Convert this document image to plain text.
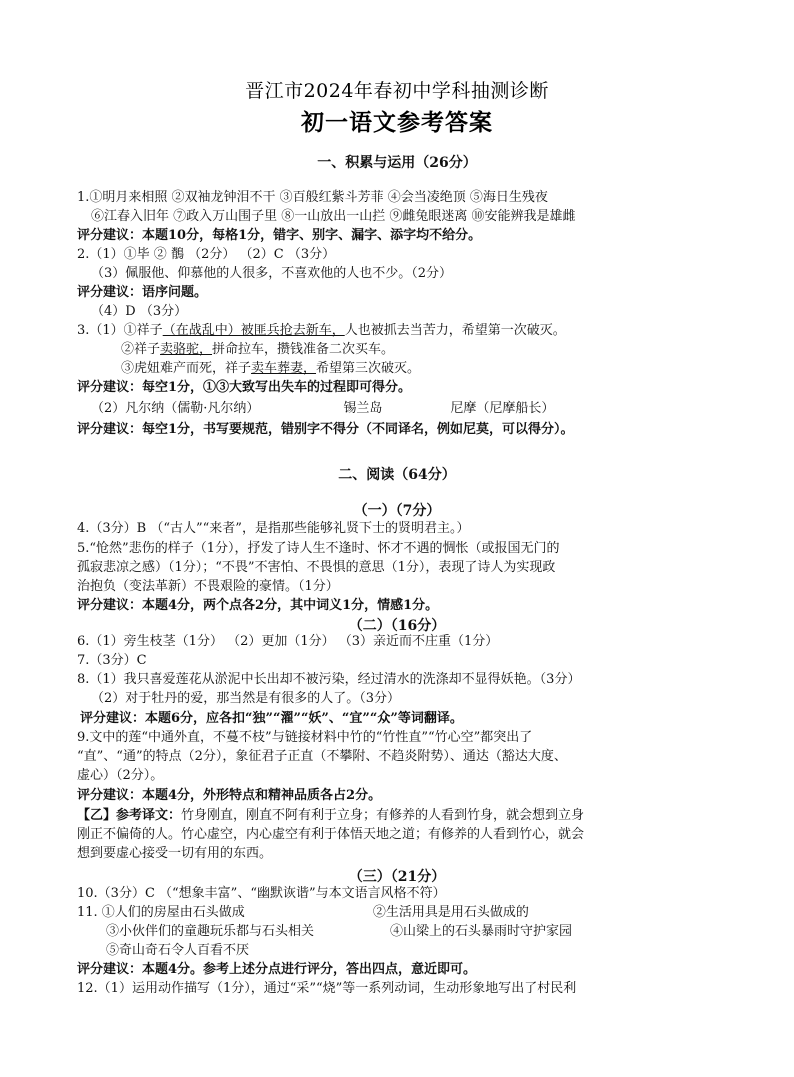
晋江市2024年春初中学科抽测诊断
初一语文参考答案
一、积累与运用（26分）
1.①明月来相照 ②双袖龙钟泪不干 ③百般红紫斗芳菲 ④会当凌绝顶 ⑤海日生残夜
⑥江春入旧年 ⑦政入万山围子里 ⑧一山放出一山拦 ⑨雌兔眼迷离 ⑩安能辨我是雄雌
评分建议：本题10分，每格1分，错字、别字、漏字、添字均不给分。
2.（1）①毕 ② 鶺 （2分） （2）C （3分）
（3）佩服他、仰慕他的人很多，不喜欢他的人也不少。（2分）
评分建议：语序问题。
（4）D （3分）
3.（1）①祥子（在战乱中）被匪兵抢去新车，人也被抓去当苦力，希望第一次破灭。
②祥子卖骆驼，拼命拉车，攒钱准备二次买车。
③虎妞难产而死，祥子卖车葬妻，希望第三次破灭。
评分建议：每空1分，①③大致写出失车的过程即可得分。
（2）凡尔纳（儒勒·凡尔纳）	锡兰岛	尼摩（尼摩船长）
评分建议：每空1分，书写要规范，错别字不得分（不同译名，例如尼莫，可以得分）。
二、阅读（64分）
（一）（7分）
4.（3分）B （“古人”“来者”，是指那些能够礼贤下士的贤明君主。）
5.“怆然”悲伤的样子（1分），抒发了诗人生不逢时、怀才不遇的惆怅（或报国无门的
孤寂悲凉之感）（1分）；“不畏”不害怕、不畏惧的意思（1分），表现了诗人为实现政
治抱负（变法革新）不畏艰险的豪情。（1分）
评分建议：本题4分，两个点各2分，其中词义1分，情感1分。
（二）（16分）
6.（1）旁生枝茎（1分） （2）更加（1分） （3）亲近而不庄重（1分）
7.（3分）C
8.（1）我只喜爱莲花从淤泥中长出却不被污染，经过清水的洗涤却不显得妖艳。（3分）
（2）对于牡丹的爱，那当然是有很多的人了。（3分）
评分建议：本题6分，应各扣“独”“濯”“妖”、“宜”“众”等词翻译。
9.文中的莲“中通外直，不蔓不枝”与链接材料中竹的“竹性直”“竹心空”都突出了
“直”、“通”的特点（2分），象征君子正直（不攀附、不趋炎附势）、通达（豁达大度、
虚心）（2分）。
评分建议：本题4分，外形特点和精神品质各占2分。
【乙】参考译文：竹身刚直，刚直不阿有利于立身；有修养的人看到竹身，就会想到立身
刚正不偏倚的人。竹心虚空，内心虚空有利于体悟天地之道；有修养的人看到竹心，就会
想到要虚心接受一切有用的东西。
（三）（21分）
10.（3分）C （“想象丰富”、“幽默诙谐”与本文语言风格不符）
11. ①人们的房屋由石头做成	②生活用具是用石头做成的
③小伙伴们的童趣玩乐都与石头相关	④山梁上的石头暴雨时守护家园
⑤奇山奇石令人百看不厌
评分建议：本题4分。参考上述分点进行评分，答出四点，意近即可。
12.（1）运用动作描写（1分），通过“采”“烧”等一系列动词，生动形象地写出了村民利
